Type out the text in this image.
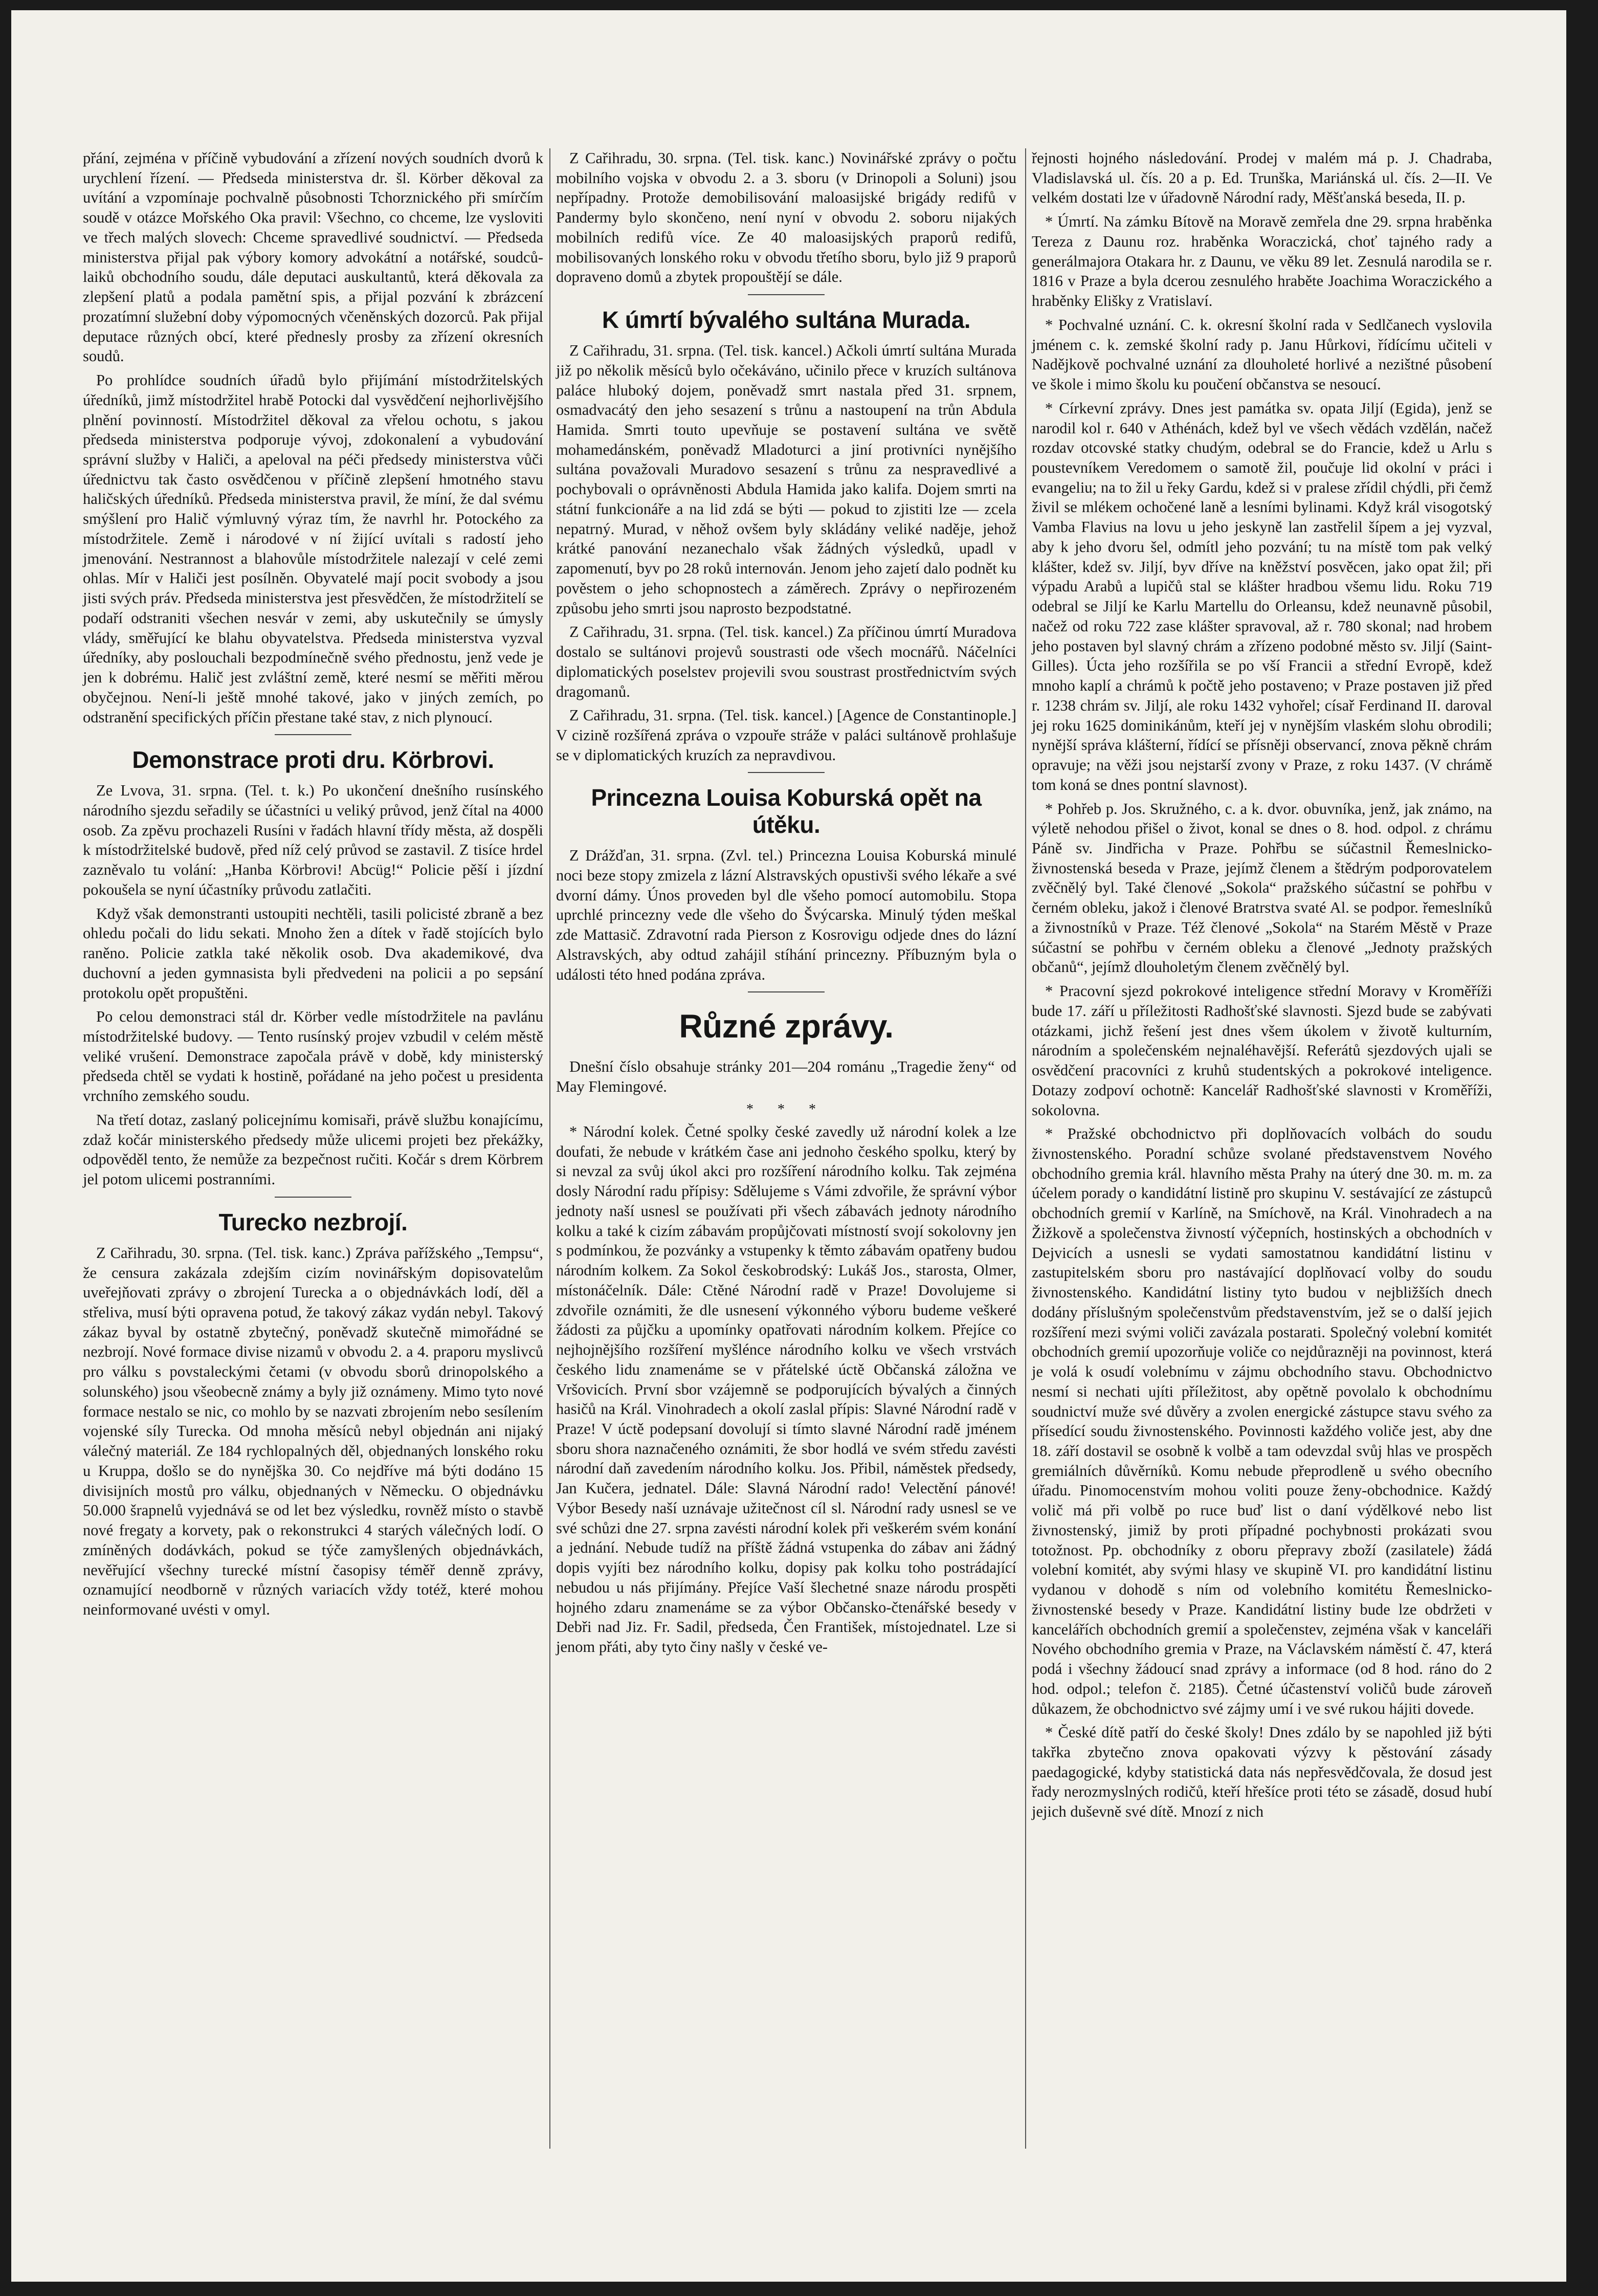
přání, zejména v příčině vybudování a zřízení nových soudních dvorů k urychlení řízení. — Předseda ministerstva dr. šl. Körber děkoval za uvítání a vzpomínaje pochvalně působnosti Tchorznického při smírčím soudě v otázce Mořského Oka pravil: Všechno, co chceme, lze vysloviti ve třech malých slovech: Chceme spravedlivé soudnictví. — Předseda ministerstva přijal pak výbory komory advokátní a notářské, soudců-laiků obchodního soudu, dále deputaci auskultantů, která děkovala za zlepšení platů a podala pamětní spis, a přijal pozvání k zbrázcení prozatímní služební doby výpomocných včeněnských dozorců. Pak přijal deputace různých obcí, které přednesly prosby za zřízení okresních soudů.

Po prohlídce soudních úřadů bylo přijímání místodržitelských úředníků, jimž místodržitel hrabě Potocki dal vysvědčení nejhorlivějšího plnění povinností. Místodržitel děkoval za vřelou ochotu, s jakou předseda ministerstva podporuje vývoj, zdokonalení a vybudování správní služby v Haliči, a apeloval na péči předsedy ministerstva vůči úřednictvu tak často osvědčenou v příčině zlepšení hmotného stavu haličských úředníků. Předseda ministerstva pravil, že míní, že dal svému smýšlení pro Halič výmluvný výraz tím, že navrhl hr. Potockého za místodržitele. Země i národové v ní žijící uvítali s radostí jeho jmenování. Nestrannost a blahovůle místodržitele nalezají v celé zemi ohlas. Mír v Haliči jest posílněn. Obyvatelé mají pocit svobody a jsou jisti svých práv. Předseda ministerstva jest přesvědčen, že místodržitelí se podaří odstraniti všechen nesvár v zemi, aby uskutečnily se úmysly vlády, směřující ke blahu obyvatelstva. Předseda ministerstva vyzval úředníky, aby poslouchali bezpodmínečně svého přednostu, jenž vede je jen k dobrému. Halič jest zvláštní země, které nesmí se měřiti měrou obyčejnou. Není-li ještě mnohé takové, jako v jiných zemích, po odstranění specifických příčin přestane také stav, z nich plynoucí.

Demonstrace proti dru. Körbrovi.

Ze Lvova, 31. srpna. (Tel. t. k.) Po ukončení dnešního rusínského národního sjezdu seřadily se účastníci u veliký průvod, jenž čítal na 4000 osob. Za zpěvu prochazeli Rusíni v řadách hlavní třídy města, až dospěli k místodržitelské budově, před níž celý průvod se zastavil. Z tisíce hrdel zazněvalo tu volání: „Hanba Körbrovi! Abcüg!“ Policie pěší i jízdní pokoušela se nyní účastníky průvodu zatlačiti.

Když však demonstranti ustoupiti nechtěli, tasili policisté zbraně a bez ohledu počali do lidu sekati. Mnoho žen a dítek v řadě stojících bylo raněno. Policie zatkla také několik osob. Dva akademikové, dva duchovní a jeden gymnasista byli předvedeni na policii a po sepsání protokolu opět propuštěni.

Po celou demonstraci stál dr. Körber vedle místodržitele na pavlánu místodržitelské budovy. — Tento rusínský projev vzbudil v celém městě veliké vrušení. Demonstrace započala právě v době, kdy ministerský předseda chtěl se vydati k hostině, pořádané na jeho počest u presidenta vrchního zemského soudu.

Na třetí dotaz, zaslaný policejnímu komisaři, právě službu konajícímu, zdaž kočár ministerského předsedy může ulicemi projeti bez překážky, odpověděl tento, že nemůže za bezpečnost ručiti. Kočár s drem Körbrem jel potom ulicemi postranními.

Turecko nezbrojí.

Z Cařihradu, 30. srpna. (Tel. tisk. kanc.) Zpráva pařížského „Tempsu“, že censura zakázala zdejším cizím novinářským dopisovatelům uveřejňovati zprávy o zbrojení Turecka a o objednávkách lodí, děl a střeliva, musí býti opravena potud, že takový zákaz vydán nebyl. Takový zákaz byval by ostatně zbytečný, poněvadž skutečně mimořádné se nezbrojí. Nové formace divise nizamů v obvodu 2. a 4. praporu myslivců pro válku s povstaleckými četami (v obvodu sborů drinopolského a solunského) jsou všeobecně známy a byly již oznámeny. Mimo tyto nové formace nestalo se nic, co mohlo by se nazvati zbrojením nebo sesílením vojenské síly Turecka. Od mnoha měsíců nebyl objednán ani nijaký válečný materiál. Ze 184 rychlopalných děl, objednaných lonského roku u Kruppa, došlo se do nynějška 30. Co nejdříve má býti dodáno 15 divisijních mostů pro válku, objednaných v Německu. O objednávku 50.000 šrapnelů vyjednává se od let bez výsledku, rovněž místo o stavbě nové fregaty a korvety, pak o rekonstrukci 4 starých válečných lodí. O zmíněných dodávkách, pokud se týče zamyšlených objednávkách, nevěřující všechny turecké místní časopisy téměř denně zprávy, oznamující neodborně v různých variacích vždy totéž, které mohou neinformované uvésti v omyl.

Z Cařihradu, 30. srpna. (Tel. tisk. kanc.) Novinářské zprávy o počtu mobilního vojska v obvodu 2. a 3. sboru (v Drinopoli a Soluni) jsou nepřípadny. Protože demobilisování maloasijské brigády redifů v Pandermy bylo skončeno, není nyní v obvodu 2. soboru nijakých mobilních redifů více. Ze 40 maloasijských praporů redifů, mobilisovaných lonského roku v obvodu třetího sboru, bylo již 9 praporů dopraveno domů a zbytek propouštějí se dále.

K úmrtí bývalého sultána Murada.

Z Cařihradu, 31. srpna. (Tel. tisk. kancel.) Ačkoli úmrtí sultána Murada již po několik měsíců bylo očekáváno, učinilo přece v kruzích sultánova paláce hluboký dojem, poněvadž smrt nastala před 31. srpnem, osmadvacátý den jeho sesazení s trůnu a nastoupení na trůn Abdula Hamida. Smrti touto upevňuje se postavení sultána ve světě mohamedánském, poněvadž Mladoturci a jiní protivníci nynějšího sultána považovali Muradovo sesazení s trůnu za nespravedlivé a pochybovali o oprávněnosti Abdula Hamida jako kalifa. Dojem smrti na státní funkcionáře a na lid zdá se býti — pokud to zjistiti lze — zcela nepatrný. Murad, v něhož ovšem byly skládány veliké naděje, jehož krátké panování nezanechalo však žádných výsledků, upadl v zapomenutí, byv po 28 roků internován. Jenom jeho zajetí dalo podnět ku pověstem o jeho schopnostech a záměrech. Zprávy o nepřirozeném způsobu jeho smrti jsou naprosto bezpodstatné.

Z Cařihradu, 31. srpna. (Tel. tisk. kancel.) Za příčinou úmrtí Muradova dostalo se sultánovi projevů soustrasti ode všech mocnářů. Náčelníci diplomatických poselstev projevili svou soustrast prostřednictvím svých dragomanů.

Z Cařihradu, 31. srpna. (Tel. tisk. kancel.) [Agence de Constantinople.] V cizině rozšířená zpráva o vzpouře stráže v paláci sultánově prohlašuje se v diplomatických kruzích za nepravdivou.

Princezna Louisa Koburská opět na útěku.

Z Drážďan, 31. srpna. (Zvl. tel.) Princezna Louisa Koburská minulé noci beze stopy zmizela z lázní Alstravských opustivši svého lékaře a své dvorní dámy. Únos proveden byl dle všeho pomocí automobilu. Stopa uprchlé princezny vede dle všeho do Švýcarska. Minulý týden meškal zde Mattasič. Zdravotní rada Pierson z Kosrovigu odjede dnes do lázní Alstravských, aby odtud zahájil stíhání princezny. Příbuzným byla o události této hned podána zpráva.

Různé zprávy.

Dnešní číslo obsahuje stránky 201—204 románu „Tragedie ženy“ od May Flemingové.

* * *

* Národní kolek. Četné spolky české zavedly už národní kolek a lze doufati, že nebude v krátkém čase ani jednoho českého spolku, který by si nevzal za svůj úkol akci pro rozšíření národního kolku. Tak zejména dosly Národní radu přípisy: Sdělujeme s Vámi zdvořile, že správní výbor jednoty naší usnesl se používati při všech zábavách jednoty národního kolku a také k cizím zábavám propůjčovati místností svojí sokolovny jen s podmínkou, že pozvánky a vstupenky k těmto zábavám opatřeny budou národním kolkem. Za Sokol českobrodský: Lukáš Jos., starosta, Olmer, místonáčelník. Dále: Ctěné Národní radě v Praze! Dovolujeme si zdvořile oznámiti, že dle usnesení výkonného výboru budeme veškeré žádosti za půjčku a upomínky opatřovati národním kolkem. Přejíce co nejhojnějšího rozšíření myšlénce národního kolku ve všech vrstvách českého lidu znamenáme se v přátelské úctě Občanská záložna ve Vršovicích. První sbor vzájemně se podporujících bývalých a činných hasičů na Král. Vinohradech a okolí zaslal přípis: Slavné Národní radě v Praze! V úctě podepsaní dovolují si tímto slavné Národní radě jménem sboru shora naznačeného oznámiti, že sbor hodlá ve svém středu zavésti národní daň zavedením národního kolku. Jos. Přibil, náměstek předsedy, Jan Kučera, jednatel. Dále: Slavná Národní rado! Velectění pánové! Výbor Besedy naší uznávaje užitečnost cíl sl. Národní rady usnesl se ve své schůzi dne 27. srpna zavésti národní kolek při veškerém svém konání a jednání. Nebude tudíž na příště žádná vstupenka do zábav ani žádný dopis vyjíti bez národního kolku, dopisy pak kolku toho postrádající nebudou u nás přijímány. Přejíce Vaší šlechetné snaze národu prospěti hojného zdaru znamenáme se za výbor Občansko-čtenářské besedy v Debři nad Jiz. Fr. Sadil, předseda, Čen František, místojednatel. Lze si jenom přáti, aby tyto činy našly v české ve-

řejnosti hojného následování. Prodej v malém má p. J. Chadraba, Vladislavská ul. čís. 20 a p. Ed. Trunška, Mariánská ul. čís. 2—II. Ve velkém dostati lze v úřadovně Národní rady, Měšťanská beseda, II. p.

* Úmrtí. Na zámku Bítově na Moravě zemřela dne 29. srpna hraběnka Tereza z Daunu roz. hraběnka Woraczická, choť tajného rady a generálmajora Otakara hr. z Daunu, ve věku 89 let. Zesnulá narodila se r. 1816 v Praze a byla dcerou zesnulého hraběte Joachima Woraczického a hraběnky Elišky z Vratislaví.

* Pochvalné uznání. C. k. okresní školní rada v Sedlčanech vyslovila jménem c. k. zemské školní rady p. Janu Hůrkovi, řídícímu učiteli v Nadějkově pochvalné uznání za dlouholeté horlivé a nezištné působení ve škole i mimo školu ku poučení občanstva se nesoucí.

* Církevní zprávy. Dnes jest památka sv. opata Jiljí (Egida), jenž se narodil kol r. 640 v Athénách, kdež byl ve všech vědách vzdělán, načež rozdav otcovské statky chudým, odebral se do Francie, kdež u Arlu s poustevníkem Veredomem o samotě žil, poučuje lid okolní v práci i evangeliu; na to žil u řeky Gardu, kdež si v pralese zřídil chýdli, při čemž živil se mlékem ochočené laně a lesními bylinami. Když král visogotský Vamba Flavius na lovu u jeho jeskyně lan zastřelil šípem a jej vyzval, aby k jeho dvoru šel, odmítl jeho pozvání; tu na místě tom pak velký klášter, kdež sv. Jiljí, byv dříve na kněžství posvěcen, jako opat žil; při výpadu Arabů a lupičů stal se klášter hradbou všemu lidu. Roku 719 odebral se Jiljí ke Karlu Martellu do Orleansu, kdež neunavně působil, načež od roku 722 zase klášter spravoval, až r. 780 skonal; nad hrobem jeho postaven byl slavný chrám a zřízeno podobné město sv. Jiljí (Saint-Gilles). Úcta jeho rozšířila se po vší Francii a střední Evropě, kdež mnoho kaplí a chrámů k počtě jeho postaveno; v Praze postaven již před r. 1238 chrám sv. Jiljí, ale roku 1432 vyhořel; císař Ferdinand II. daroval jej roku 1625 dominikánům, kteří jej v nynějším vlaském slohu obrodili; nynější správa klášterní, řídící se přísněji observancí, znova pěkně chrám opravuje; na věži jsou nejstarší zvony v Praze, z roku 1437. (V chrámě tom koná se dnes pontní slavnost).

* Pohřeb p. Jos. Skružného, c. a k. dvor. obuvníka, jenž, jak známo, na výletě nehodou přišel o život, konal se dnes o 8. hod. odpol. z chrámu Páně sv. Jindřicha v Praze. Pohřbu se súčastnil Řemeslnicko-živnostenská beseda v Praze, jejímž členem a štědrým podporovatelem zvěčnělý byl. Také členové „Sokola“ pražského súčastní se pohřbu v černém obleku, jakož i členové Bratrstva svaté Al. se podpor. řemeslníků a živnostníků v Praze. Též členové „Sokola“ na Starém Městě v Praze súčastní se pohřbu v černém obleku a členové „Jednoty pražských občanů“, jejímž dlouholetým členem zvěčnělý byl.

* Pracovní sjezd pokrokové inteligence střední Moravy v Kroměříži bude 17. září u příležitosti Radhošťské slavnosti. Sjezd bude se zabývati otázkami, jichž řešení jest dnes všem úkolem v životě kulturním, národním a společenském nejnaléhavější. Referátů sjezdových ujali se osvědčení pracovníci z kruhů studentských a pokrokové inteligence. Dotazy zodpoví ochotně: Kancelář Radhošťské slavnosti v Kroměříži, sokolovna.

* Pražské obchodnictvo při doplňovacích volbách do soudu živnostenského. Poradní schůze svolané představenstvem Nového obchodního gremia král. hlavního města Prahy na úterý dne 30. m. m. za účelem porady o kandidátní listině pro skupinu V. sestávající ze zástupců obchodních gremií v Karlíně, na Smíchově, na Král. Vinohradech a na Žižkově a společenstva živností výčepních, hostinských a obchodních v Dejvicích a usnesli se vydati samostatnou kandidátní listinu v zastupitelském sboru pro nastávající doplňovací volby do soudu živnostenského. Kandidátní listiny tyto budou v nejbližších dnech dodány příslušným společenstvům představenstvím, jež se o další jejich rozšíření mezi svými voliči zavázala postarati. Společný volební komitét obchodních gremií upozorňuje voliče co nejdůrazněji na povinnost, která je volá k osudí volebnímu v zájmu obchodního stavu. Obchodnictvo nesmí si nechati ujíti příležitost, aby opětně povolalo k obchodnímu soudnictví muže své důvěry a zvolen energické zástupce stavu svého za přísedící soudu živnostenského. Povinnosti každého voliče jest, aby dne 18. září dostavil se osobně k volbě a tam odevzdal svůj hlas ve prospěch gremiálních důvěrníků. Komu nebude přeprodleně u svého obecního úřadu. Pinomocenstvím mohou voliti pouze ženy-obchodnice. Každý volič má při volbě po ruce buď list o daní výdělkové nebo list živnostenský, jimiž by proti případné pochybnosti prokázati svou totožnost. Pp. obchodníky z oboru přepravy zboží (zasilatele) žádá volební komitét, aby svými hlasy ve skupině VI. pro kandidátní listinu vydanou v dohodě s ním od volebního komitétu Řemeslnicko-živnostenské besedy v Praze. Kandidátní listiny bude lze obdržeti v kancelářích obchodních gremií a společenstev, zejména však v kanceláři Nového obchodního gremia v Praze, na Václavském náměstí č. 47, která podá i všechny žádoucí snad zprávy a informace (od 8 hod. ráno do 2 hod. odpol.; telefon č. 2185). Četné účastenství voličů bude zároveň důkazem, že obchodnictvo své zájmy umí i ve své rukou hájiti dovede.

* České dítě patří do české školy! Dnes zdálo by se napohled již býti takřka zbytečno znova opakovati výzvy k pěstování zásady paedagogické, kdyby statistická data nás nepřesvědčovala, že dosud jest řady nerozmyslných rodičů, kteří hřešíce proti této se zásadě, dosud hubí jejich duševně své dítě. Mnozí z nich
